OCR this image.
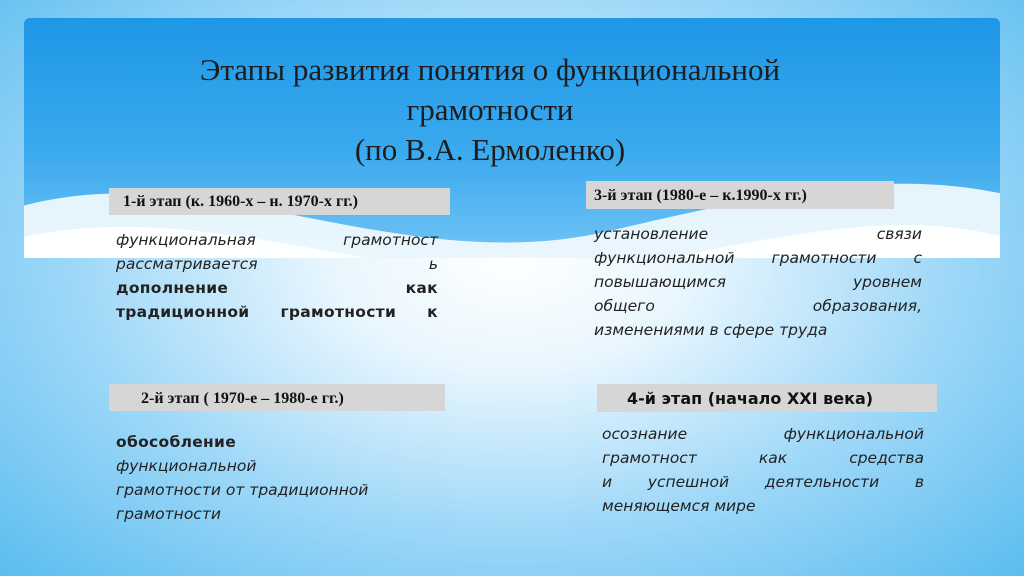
Этапы развития понятия о функциональной
грамотности
(по В.А. Ермоленко)
1-й этап (к. 1960-х – н. 1970-х гг.)
функциональная грамотност
рассматривается ь
дополнение как
традиционной грамотности к
3-й этап (1980-е – к.1990-х гг.)
установление связи
функциональной грамотности с
повышающимся уровнем
общего образования,
изменениями в сфере труда
2-й этап ( 1970-е – 1980-е гг.)
обособление
функциональной
грамотности от традиционной
грамотности
4-й этап (начало XXI века)
осознание функциональной
грамотност как средства
и успешной деятельности в
меняющемся мире
